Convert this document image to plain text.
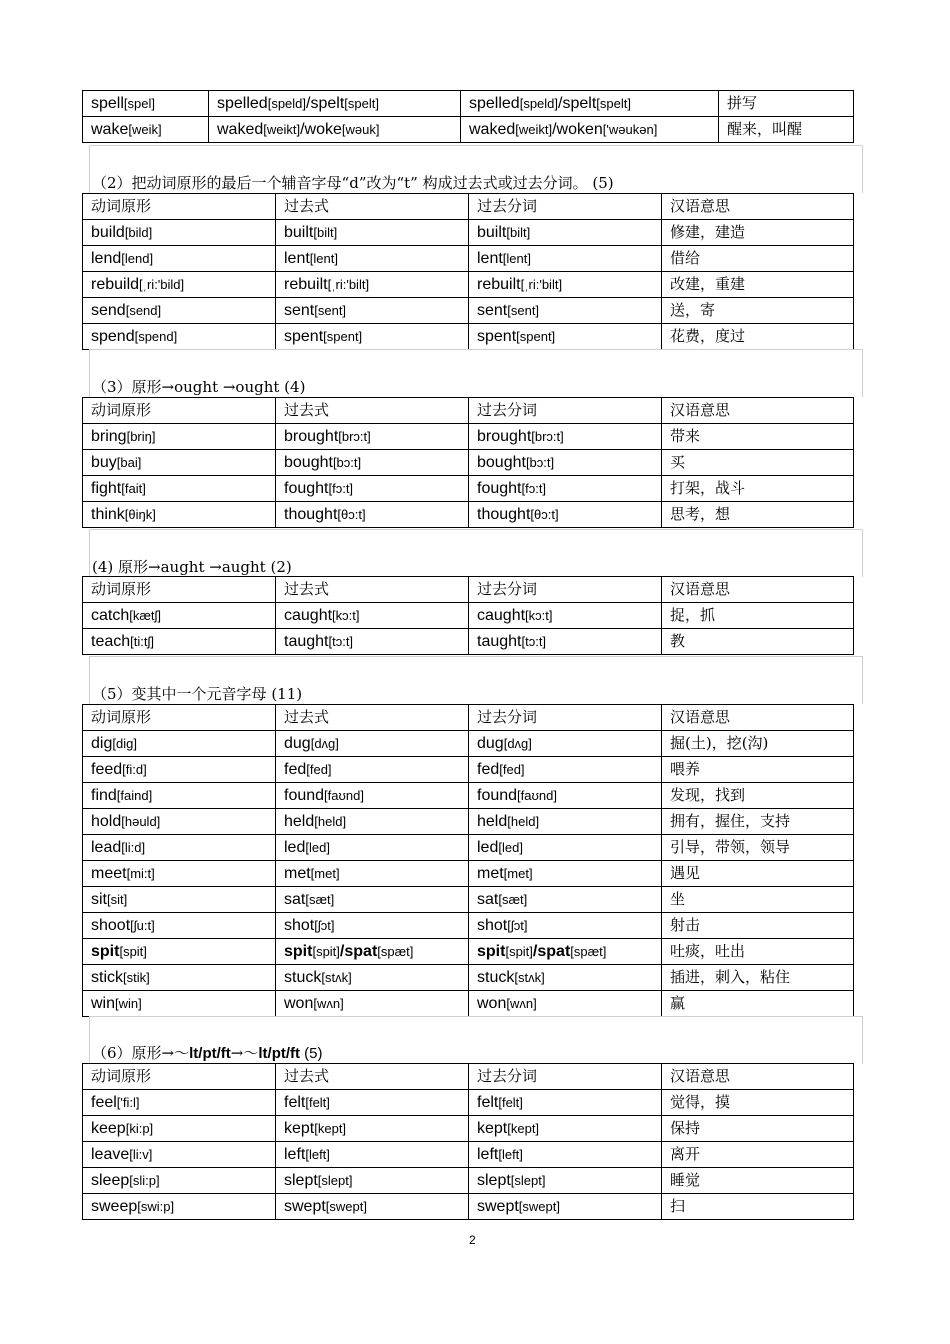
spell[spel]	spelled[speld]/spelt[spelt]	spelled[speld]/spelt[spelt]	拼写
wake[weik]	waked[weikt]/woke[wəuk]	waked[weikt]/woken['wəukən]	醒来，叫醒
（2）把动词原形的最后一个辅音字母“d”改为“t” 构成过去式或过去分词。 (5)
动词原形	过去式	过去分词	汉语意思
build[bild]	built[bilt]	built[bilt]	修建，建造
lend[lend]	lent[lent]	lent[lent]	借给
rebuild[ˌri:'bild]	rebuilt[ˌri:'bilt]	rebuilt[ˌri:'bilt]	改建，重建
send[send]	sent[sent]	sent[sent]	送，寄
spend[spend]	spent[spent]	spent[spent]	花费，度过
（3）原形→ought →ought (4)
动词原形	过去式	过去分词	汉语意思
bring[briŋ]	brought[brɔ:t]	brought[brɔ:t]	带来
buy[bai]	bought[bɔ:t]	bought[bɔ:t]	买
fight[fait]	fought[fɔ:t]	fought[fɔ:t]	打架，战斗
think[θiŋk]	thought[θɔ:t]	thought[θɔ:t]	思考，想
(4) 原形→aught →aught (2)
动词原形	过去式	过去分词	汉语意思
catch[kætʃ]	caught[kɔ:t]	caught[kɔ:t]	捉，抓
teach[ti:tʃ]	taught[tɔ:t]	taught[tɔ:t]	教
（5）变其中一个元音字母 (11)
动词原形	过去式	过去分词	汉语意思
dig[diɡ]	dug[dʌɡ]	dug[dʌɡ]	掘(土)，挖(沟)
feed[fi:d]	fed[fed]	fed[fed]	喂养
find[faind]	found[faʊnd]	found[faʊnd]	发现，找到
hold[həuld]	held[held]	held[held]	拥有，握住，支持
lead[li:d]	led[led]	led[led]	引导，带领，领导
meet[mi:t]	met[met]	met[met]	遇见
sit[sit]	sat[sæt]	sat[sæt]	坐
shoot[ʃu:t]	shot[ʃɔt]	shot[ʃɔt]	射击
spit[spit]	spit[spit]/spat[spæt]	spit[spit]/spat[spæt]	吐痰，吐出
stick[stik]	stuck[stʌk]	stuck[stʌk]	插进，刺入，粘住
win[win]	won[wʌn]	won[wʌn]	赢
（6）原形→～lt/pt/ft→～lt/pt/ft (5)
动词原形	过去式	过去分词	汉语意思
feel['fi:l]	felt[felt]	felt[felt]	觉得，摸
keep[ki:p]	kept[kept]	kept[kept]	保持
leave[li:v]	left[left]	left[left]	离开
sleep[sli:p]	slept[slept]	slept[slept]	睡觉
sweep[swi:p]	swept[swept]	swept[swept]	扫
2
